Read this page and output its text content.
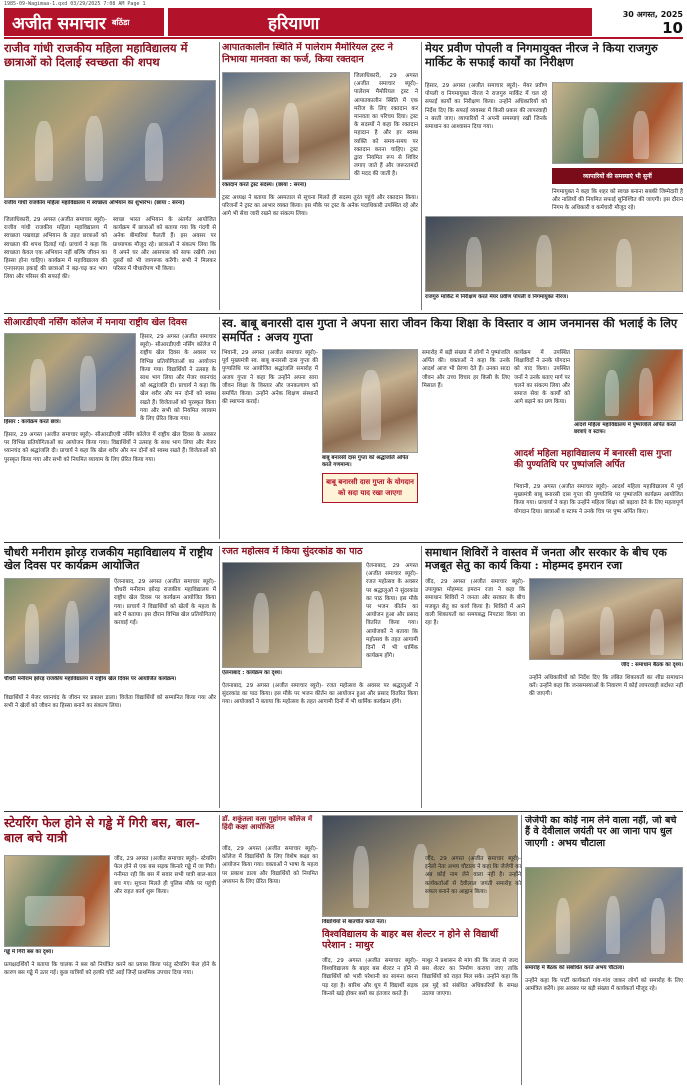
1985-09-Wagimaa-1.qxd 03/29/2025 7:08 AM Page 1
अजीत समाचार बठिंडा	हरियाणा	30 अगस्त, 2025
10
राजीव गांधी राजकीय महिला महाविद्यालय में छात्राओं को दिलाई स्वच्छता की शपथ
राजीव गांधी राजकीय महिला महाविद्यालय में स्वच्छता अभियान का शुभारंभ। (छाया : सरना)
जिलाधिकारी, 29 अगस्त (अजीत समाचार ब्यूरो)- राजीव गांधी राजकीय महिला महाविद्यालय में स्वच्छता पखवाड़ा अभियान के तहत छात्राओं को स्वच्छता की शपथ दिलाई गई। प्राचार्य ने कहा कि स्वच्छता केवल एक अभियान नहीं बल्कि जीवन का हिस्सा होना चाहिए। कार्यक्रम में महाविद्यालय की एनएसएस इकाई की छात्राओं ने बढ़-चढ़ कर भाग लिया और परिसर की सफाई की।
स्वच्छ भारत अभियान के अंतर्गत आयोजित कार्यक्रम में छात्राओं को बताया गया कि गंदगी से अनेक बीमारियां फैलती हैं। इस अवसर पर प्राध्यापक मौजूद रहे। छात्राओं ने संकल्प लिया कि वे अपने घर और आसपास को साफ रखेंगी तथा दूसरों को भी जागरूक करेंगी। सभी ने मिलकर परिसर में पौधारोपण भी किया।
आपातकालीन स्थिति में पालेराम मैमोरियल ट्रस्ट ने निभाया मानवता का फर्ज, किया रक्तदान
रक्तदान करते ट्रस्ट सदस्य। (छाया : सरना)
जिलाधिकारी, 29 अगस्त (अजीत समाचार ब्यूरो)- पालेराम मैमोरियल ट्रस्ट ने आपातकालीन स्थिति में एक मरीज के लिए रक्तदान कर मानवता का परिचय दिया। ट्रस्ट के सदस्यों ने कहा कि रक्तदान महादान है और हर स्वस्थ व्यक्ति को समय-समय पर रक्तदान करना चाहिए। ट्रस्ट द्वारा नियमित रूप से शिविर लगाए जाते हैं और जरूरतमंदों की मदद की जाती है।
ट्रस्ट अध्यक्ष ने बताया कि अस्पताल से सूचना मिलते ही सदस्य तुरंत पहुंचे और रक्तदान किया। परिजनों ने ट्रस्ट का आभार व्यक्त किया। इस मौके पर ट्रस्ट के अनेक पदाधिकारी उपस्थित रहे और आगे भी सेवा जारी रखने का संकल्प लिया।
मेयर प्रवीण पोपली व निगमायुक्त नीरज ने किया राजगुरु मार्किट के सफाई कार्यों का निरीक्षण
हिसार, 29 अगस्त (अजीत समाचार ब्यूरो)- मेयर प्रवीण पोपली व निगमायुक्त नीरज ने राजगुरु मार्किट में चल रहे सफाई कार्यों का निरीक्षण किया। उन्होंने अधिकारियों को निर्देश दिए कि सफाई व्यवस्था में किसी प्रकार की लापरवाही न बरती जाए। व्यापारियों ने अपनी समस्याएं रखीं जिनके समाधान का आश्वासन दिया गया।
व्यापारियों की समस्याएं भी सुनीं
निगमायुक्त ने कहा कि शहर को स्वच्छ बनाना सबकी जिम्मेदारी है और नालियों की नियमित सफाई सुनिश्चित की जाएगी। इस दौरान निगम के अधिकारी व कर्मचारी मौजूद रहे।
राजगुरु मार्किट में निरीक्षण करते मेयर प्रवीण पोपली व निगमायुक्त नीरज।
सीआरडीएवी नर्सिंग कॉलेज में मनाया राष्ट्रीय खेल दिवस
हिसार : कार्यक्रम करते छात्र।
हिसार, 29 अगस्त (अजीत समाचार ब्यूरो)- सीआरडीएवी नर्सिंग कॉलेज में राष्ट्रीय खेल दिवस के अवसर पर विभिन्न प्रतियोगिताओं का आयोजन किया गया। विद्यार्थियों ने उत्साह के साथ भाग लिया और मेजर ध्यानचंद को श्रद्धांजलि दी। प्राचार्य ने कहा कि खेल शरीर और मन दोनों को स्वस्थ रखते हैं। विजेताओं को पुरस्कृत किया गया और सभी को नियमित व्यायाम के लिए प्रेरित किया गया।
हिसार, 29 अगस्त (अजीत समाचार ब्यूरो)- सीआरडीएवी नर्सिंग कॉलेज में राष्ट्रीय खेल दिवस के अवसर पर विभिन्न प्रतियोगिताओं का आयोजन किया गया। विद्यार्थियों ने उत्साह के साथ भाग लिया और मेजर ध्यानचंद को श्रद्धांजलि दी। प्राचार्य ने कहा कि खेल शरीर और मन दोनों को स्वस्थ रखते हैं। विजेताओं को पुरस्कृत किया गया और सभी को नियमित व्यायाम के लिए प्रेरित किया गया।
स्व. बाबू बनारसी दास गुप्ता ने अपना सारा जीवन किया शिक्षा के विस्तार व आम जनमानस की भलाई के लिए समर्पित : अजय गुप्ता
भिवानी, 29 अगस्त (अजीत समाचार ब्यूरो)- पूर्व मुख्यमंत्री स्व. बाबू बनारसी दास गुप्ता की पुण्यतिथि पर आयोजित श्रद्धांजलि समारोह में अजय गुप्ता ने कहा कि उन्होंने अपना सारा जीवन शिक्षा के विस्तार और जनकल्याण को समर्पित किया। उन्होंने अनेक शिक्षण संस्थानों की स्थापना कराई।
बाबू बनारसी दास गुप्ता को श्रद्धांजलि अर्पित करते गणमान्य।
बाबू बनारसी दास गुप्ता के योगदान को सदा याद रखा जाएगा
समारोह में बड़ी संख्या में लोगों ने पुष्पांजलि अर्पित की। वक्ताओं ने कहा कि उनके आदर्श आज भी प्रेरणा देते हैं। उनका सादा जीवन और उच्च विचार हर किसी के लिए मिसाल हैं।
कार्यक्रम में उपस्थित शिक्षाविदों ने उनके योगदान को याद किया। उपस्थित जनों ने उनके बताए मार्ग पर चलने का संकल्प लिया और समाज सेवा के कार्यों को आगे बढ़ाने का प्रण किया।
आदर्श महिला महाविद्यालय में पुष्पांजलि अर्पित करते छात्राएं व स्टाफ।
आदर्श महिला महाविद्यालय में बनारसी दास गुप्ता की पुण्यतिथि पर पुष्पांजलि अर्पित
भिवानी, 29 अगस्त (अजीत समाचार ब्यूरो)- आदर्श महिला महाविद्यालय में पूर्व मुख्यमंत्री बाबू बनारसी दास गुप्ता की पुण्यतिथि पर पुष्पांजलि कार्यक्रम आयोजित किया गया। प्राचार्या ने कहा कि उन्होंने महिला शिक्षा को बढ़ावा देने के लिए महत्वपूर्ण योगदान दिया। छात्राओं व स्टाफ ने उनके चित्र पर पुष्प अर्पित किए।
चौधरी मनीराम झोरड़ राजकीय महाविद्यालय में राष्ट्रीय खेल दिवस पर कार्यक्रम आयोजित
ऐलनाबाद, 29 अगस्त (अजीत समाचार ब्यूरो)- चौधरी मनीराम झोरड़ राजकीय महाविद्यालय में राष्ट्रीय खेल दिवस पर कार्यक्रम आयोजित किया गया। प्राचार्य ने विद्यार्थियों को खेलों के महत्व के बारे में बताया। इस दौरान विभिन्न खेल प्रतियोगिताएं करवाई गईं।
चौधरी मनीराम झोरड़ राजकीय महाविद्यालय में राष्ट्रीय खेल दिवस पर आयोजित कार्यक्रम।
विद्यार्थियों ने मेजर ध्यानचंद के जीवन पर प्रकाश डाला। विजेता विद्यार्थियों को सम्मानित किया गया और सभी ने खेलों को जीवन का हिस्सा बनाने का संकल्प लिया।
रजत महोत्सव में किया सुंदरकांड का पाठ
ऐलनाबाद : कार्यक्रम का दृश्य।
ऐलनाबाद, 29 अगस्त (अजीत समाचार ब्यूरो)- रजत महोत्सव के अवसर पर श्रद्धालुओं ने सुंदरकांड का पाठ किया। इस मौके पर भजन कीर्तन का आयोजन हुआ और प्रसाद वितरित किया गया। आयोजकों ने बताया कि महोत्सव के तहत आगामी दिनों में भी धार्मिक कार्यक्रम होंगे।
ऐलनाबाद, 29 अगस्त (अजीत समाचार ब्यूरो)- रजत महोत्सव के अवसर पर श्रद्धालुओं ने सुंदरकांड का पाठ किया। इस मौके पर भजन कीर्तन का आयोजन हुआ और प्रसाद वितरित किया गया। आयोजकों ने बताया कि महोत्सव के तहत आगामी दिनों में भी धार्मिक कार्यक्रम होंगे।
समाधान शिविरों ने वास्तव में जनता और सरकार के बीच एक मजबूत सेतु का कार्य किया : मोहम्मद इमरान रजा
जींद, 29 अगस्त (अजीत समाचार ब्यूरो)- उपायुक्त मोहम्मद इमरान रजा ने कहा कि समाधान शिविरों ने जनता और सरकार के बीच मजबूत सेतु का कार्य किया है। शिविरों में आने वाली शिकायतों का समयबद्ध निपटारा किया जा रहा है।
जींद : समाधान बैठक का दृश्य।
उन्होंने अधिकारियों को निर्देश दिए कि लंबित शिकायतों का शीघ्र समाधान करें। उन्होंने कहा कि जनसमस्याओं के निवारण में कोई लापरवाही बर्दाश्त नहीं की जाएगी।
स्टेयरिंग फेल होने से गड्ढे में गिरी बस, बाल-बाल बचे यात्री
गड्ढे में गिरी बस का दृश्य।
जींद, 29 अगस्त (अजीत समाचार ब्यूरो)- स्टेयरिंग फेल होने से एक बस सड़क किनारे गड्ढे में जा गिरी। गनीमत रही कि बस में सवार सभी यात्री बाल-बाल बच गए। सूचना मिलते ही पुलिस मौके पर पहुंची और राहत कार्य शुरू किया।
प्रत्यक्षदर्शियों ने बताया कि चालक ने बस को नियंत्रित करने का प्रयास किया परंतु स्टेयरिंग फेल होने के कारण बस गड्ढे में उतर गई। कुछ यात्रियों को हल्की चोटें आईं जिन्हें प्राथमिक उपचार दिया गया।
डॉ. शकुंतला वत्स गुहांगन कॉलेज में हिंदी कक्षा आयोजित
जींद, 29 अगस्त (अजीत समाचार ब्यूरो)- कॉलेज में विद्यार्थियों के लिए विशेष कक्षा का आयोजन किया गया। वक्ताओं ने भाषा के महत्व पर प्रकाश डाला और विद्यार्थियों को नियमित अध्ययन के लिए प्रेरित किया।
विद्यार्थियों से बातचीत करते नेता।
विश्वविद्यालय के बाहर बस शेल्टर न होने से विद्यार्थी परेशान : माथुर
जींद, 29 अगस्त (अजीत समाचार ब्यूरो)- विश्वविद्यालय के बाहर बस शेल्टर न होने से विद्यार्थियों को भारी परेशानी का सामना करना पड़ रहा है। बारिश और धूप में विद्यार्थी सड़क किनारे खड़े होकर बसों का इंतजार करते हैं।
माथुर ने प्रशासन से मांग की कि जल्द से जल्द बस शेल्टर का निर्माण कराया जाए ताकि विद्यार्थियों को राहत मिल सके। उन्होंने कहा कि इस मुद्दे को संबंधित अधिकारियों के समक्ष उठाया जाएगा।
जेजेपी का कोई नाम लेने वाला नहीं, जो बचे हैं वे देवीलाल जयंती पर आ जाना पाप धुल जाएगी : अभय चौटाला
जींद, 29 अगस्त (अजीत समाचार ब्यूरो)- इनेलो नेता अभय चौटाला ने कहा कि जेजेपी का अब कोई नाम लेने वाला नहीं है। उन्होंने कार्यकर्ताओं से देवीलाल जयंती समारोह को सफल बनाने का आह्वान किया।
समारोह में बैठक को संबोधित करते अभय चौटाला।
उन्होंने कहा कि पार्टी कार्यकर्ता गांव-गांव जाकर लोगों को समारोह के लिए आमंत्रित करेंगे। इस अवसर पर बड़ी संख्या में कार्यकर्ता मौजूद रहे।
